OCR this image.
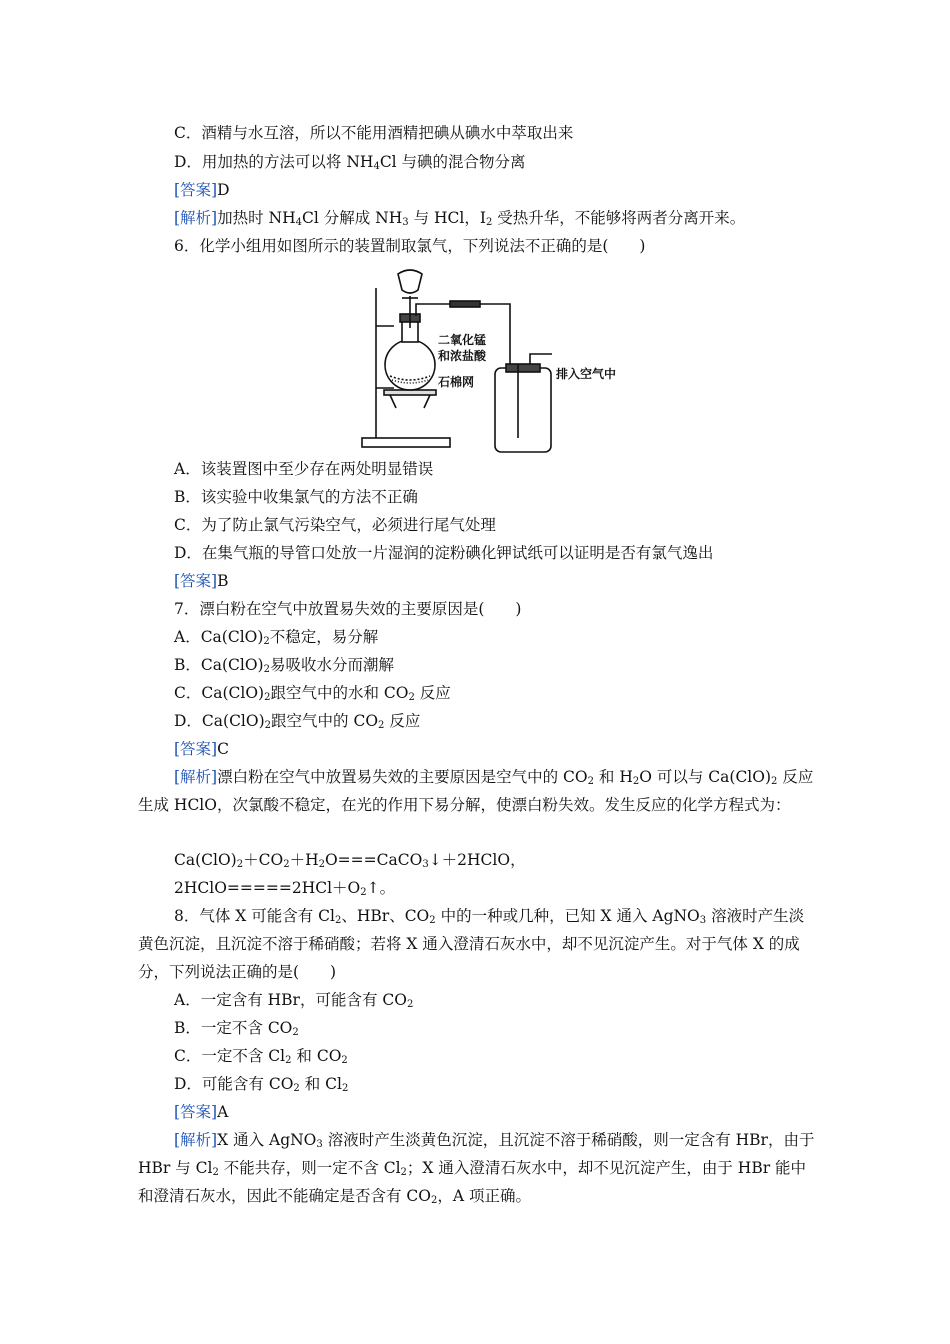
C．酒精与水互溶，所以不能用酒精把碘从碘水中萃取出来
D．用加热的方法可以将 $NH_4Cl$ 与碘的混合物分离
[答案]D
[解析]加热时 $NH_4Cl$ 分解成 $NH_3$ 与 HCl，$I_2$ 受热升华，不能够将两者分离开来。
6．化学小组用如图所示的装置制取氯气，下列说法不正确的是(　　)
二氧化锰
和浓盐酸
石棉网
排入空气中
A．该装置图中至少存在两处明显错误
B．该实验中收集氯气的方法不正确
C．为了防止氯气污染空气，必须进行尾气处理
D．在集气瓶的导管口处放一片湿润的淀粉碘化钾试纸可以证明是否有氯气逸出
[答案]B
7．漂白粉在空气中放置易失效的主要原因是(　　)
A．$Ca(ClO)_2$不稳定，易分解
B．$Ca(ClO)_2$易吸收水分而潮解
C．$Ca(ClO)_2$跟空气中的水和 $CO_2$ 反应
D．$Ca(ClO)_2$跟空气中的 $CO_2$ 反应
[答案]C
[解析]漂白粉在空气中放置易失效的主要原因是空气中的 $CO_2$ 和 $H_2O$ 可以与 $Ca(ClO)_2$ 反应生成 HClO，次氯酸不稳定，在光的作用下易分解，使漂白粉失效。发生反应的化学方程式为：
$Ca(ClO)_2+CO_2+H_2O===CaCO_3↓+2HClO$，
$2HClO=====2HCl+O_2↑$。
8．气体 X 可能含有 $Cl_2$、HBr、$CO_2$ 中的一种或几种，已知 X 通入 AgNO$_3$ 溶液时产生淡黄色沉淀，且沉淀不溶于稀硝酸；若将 X 通入澄清石灰水中，却不见沉淀产生。对于气体 X 的成分，下列说法正确的是(　　)
A．一定含有 HBr，可能含有 $CO_2$
B．一定不含 $CO_2$
C．一定不含 $Cl_2$ 和 $CO_2$
D．可能含有 $CO_2$ 和 $Cl_2$
[答案]A
[解析]X 通入 AgNO$_3$ 溶液时产生淡黄色沉淀，且沉淀不溶于稀硝酸，则一定含有 HBr，由于 HBr 与 $Cl_2$ 不能共存，则一定不含 $Cl_2$；X 通入澄清石灰水中，却不见沉淀产生，由于 HBr 能中和澄清石灰水，因此不能确定是否含有 $CO_2$，A 项正确。
